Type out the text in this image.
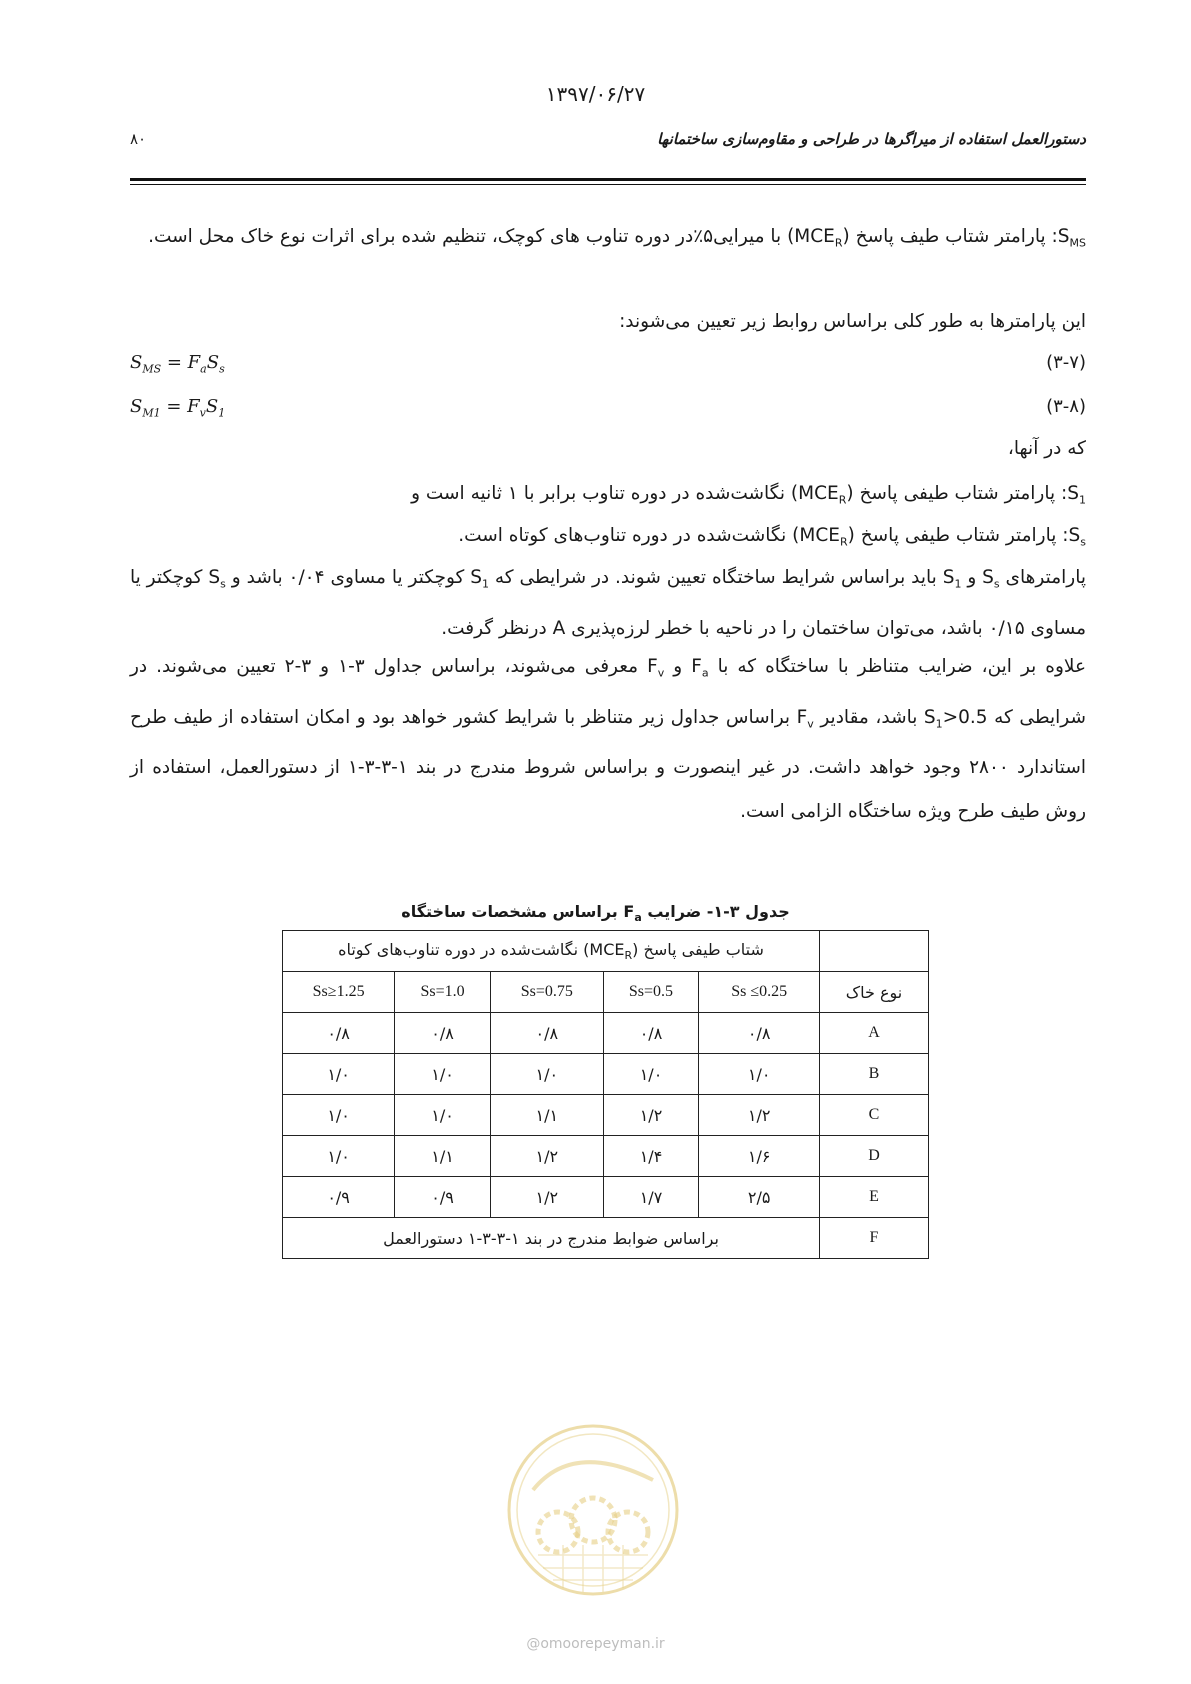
۱۳۹۷/۰۶/۲۷
دستورالعمل استفاده از میراگرها در طراحی و مقاوم‌سازی ساختمانها
۸۰
$S_{MS}$: پارامتر شتاب طیف پاسخ $(MCE_R)$ با میرایی۵٪در دوره تناوب های کوچک، تنظیم شده برای اثرات نوع خاک محل است.
این پارامترها به طور کلی براساس روابط زیر تعیین می‌شوند:
(۳-۷)
$S_{MS} = F_aS_s$
(۳-۸)
$S_{M1} = F_vS_1$
که در آنها،
$S_1$: پارامتر شتاب طیفی پاسخ $(MCE_R)$ نگاشت‌شده در دوره تناوب برابر با ۱ ثانیه است و
$S_s$: پارامتر شتاب طیفی پاسخ $(MCE_R)$ نگاشت‌شده در دوره تناوب‌های کوتاه است.
پارامترهای $S_s$ و $S_1$ باید براساس شرایط ساختگاه تعیین شوند. در شرایطی که $S_1$ کوچکتر یا مساوی ۰/۰۴ باشد و $S_s$ کوچکتر یا مساوی ۰/۱۵ باشد، می‌توان ساختمان را در ناحیه با خطر لرزه‌پذیری A درنظر گرفت.
علاوه بر این، ضرایب متناظر با ساختگاه که با $F_a$ و $F_v$ معرفی می‌شوند، براساس جداول ۳-۱ و ۳-۲ تعیین می‌شوند. در شرایطی که $S_1>0.5$ باشد، مقادیر $F_v$ براساس جداول زیر متناظر با شرایط کشور خواهد بود و امکان استفاده از طیف طرح استاندارد ۲۸۰۰ وجود خواهد داشت. در غیر اینصورت و براساس شروط مندرج در بند ۱-۳-۳-۱ از دستورالعمل، استفاده از روش طیف طرح ویژه ساختگاه الزامی است.
جدول ۳-۱- ضرایب $F_a$ براساس مشخصات ساختگاه
	شتاب طیفی پاسخ $(MCE_R)$ نگاشت‌شده در دوره تناوب‌های کوتاه				
نوع خاک	Ss ≤0.25	Ss=0.5	Ss=0.75	Ss=1.0	Ss≥1.25
A	۰/۸	۰/۸	۰/۸	۰/۸	۰/۸
B	۱/۰	۱/۰	۱/۰	۱/۰	۱/۰
C	۱/۲	۱/۲	۱/۱	۱/۰	۱/۰
D	۱/۶	۱/۴	۱/۲	۱/۱	۱/۰
E	۲/۵	۱/۷	۱/۲	۰/۹	۰/۹
F	براساس ضوابط مندرج در بند ۱-۳-۳-۱ دستورالعمل				
@omoorepeyman.ir
